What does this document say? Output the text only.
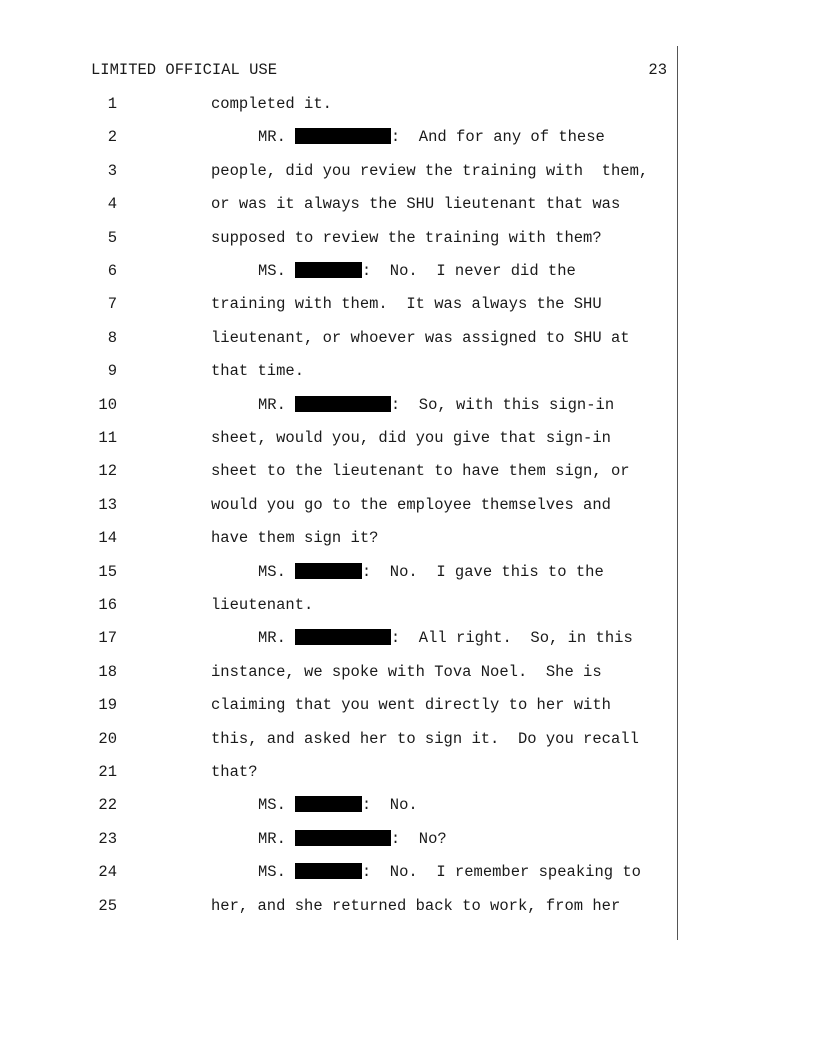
LIMITED OFFICIAL USE	23
1	completed it.
2	MR.	:  And for any of these
3	people, did you review the training with  them,
4	or was it always the SHU lieutenant that was
5	supposed to review the training with them?
6	MS.	:  No.  I never did the
7	training with them.  It was always the SHU
8	lieutenant, or whoever was assigned to SHU at
9	that time.
10	MR.	:  So, with this sign-in
11	sheet, would you, did you give that sign-in
12	sheet to the lieutenant to have them sign, or
13	would you go to the employee themselves and
14	have them sign it?
15	MS.	:  No.  I gave this to the
16	lieutenant.
17	MR.	:  All right.  So, in this
18	instance, we spoke with Tova Noel.  She is
19	claiming that you went directly to her with
20	this, and asked her to sign it.  Do you recall
21	that?
22	MS.	:  No.
23	MR.	:  No?
24	MS.	:  No.  I remember speaking to
25	her, and she returned back to work, from her
